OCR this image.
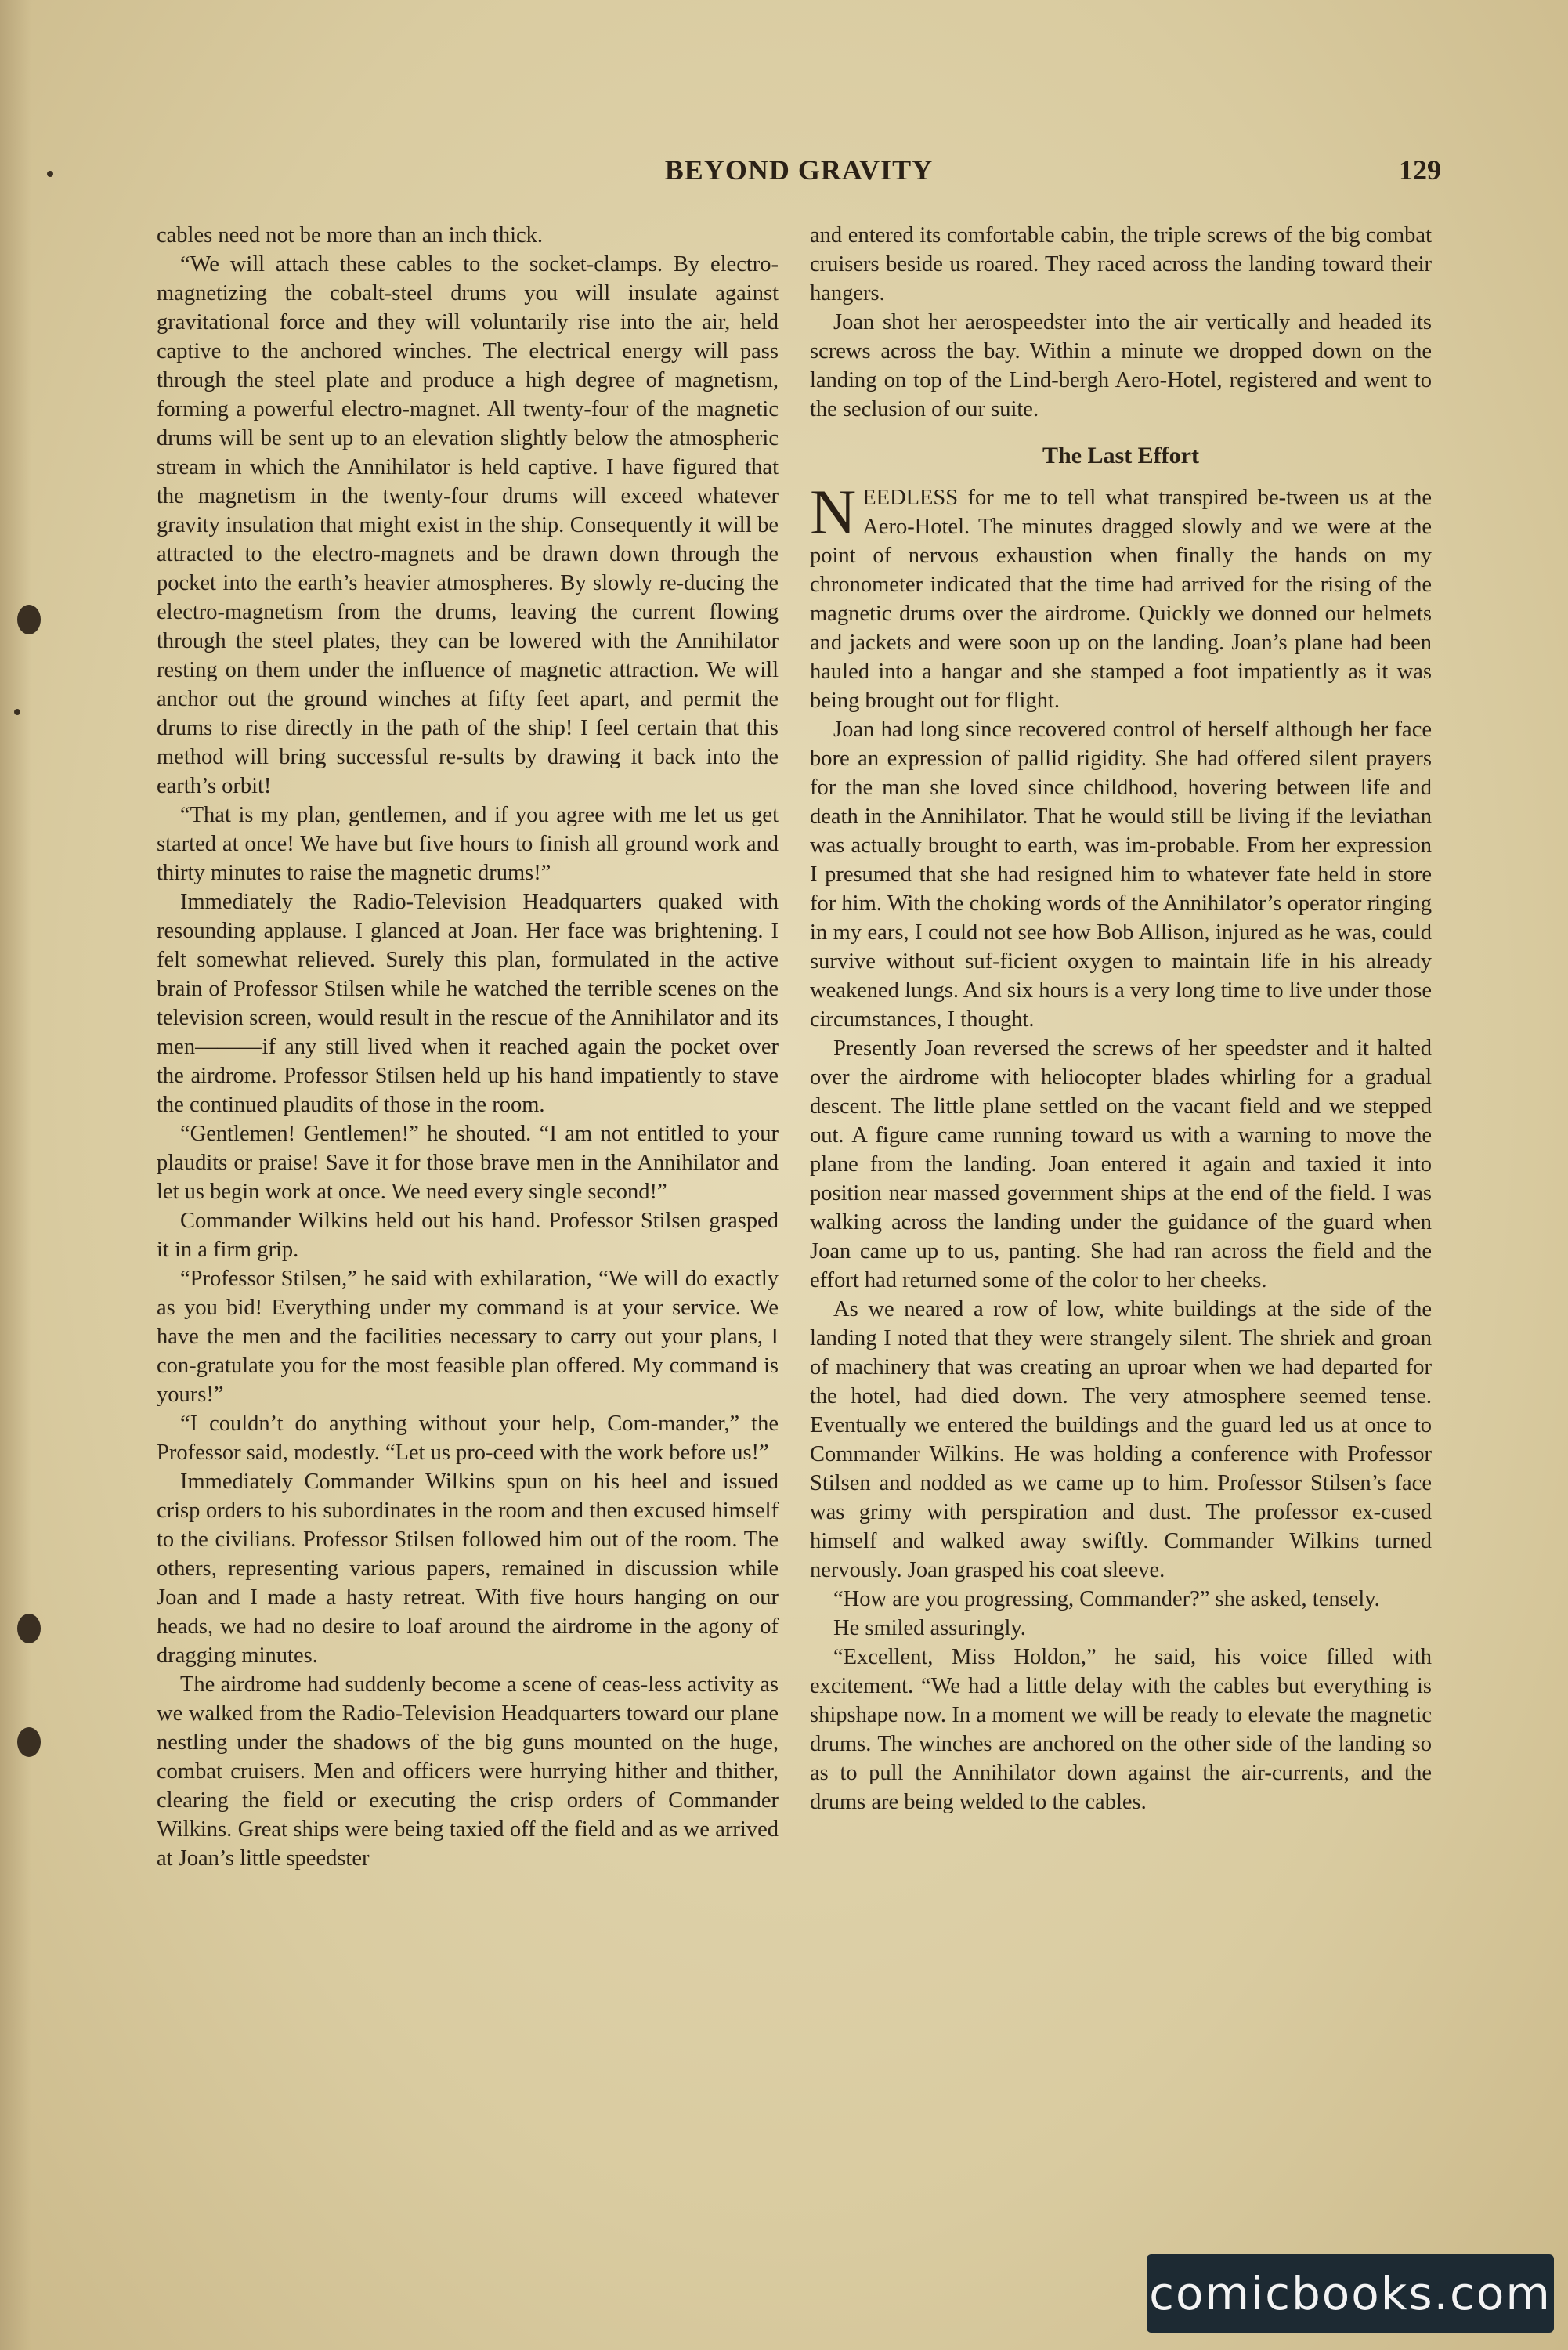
BEYOND GRAVITY	129

cables need not be more than an inch thick.

“We will attach these cables to the socket-clamps. By electro-magnetizing the cobalt-steel drums you will insulate against gravitational force and they will voluntarily rise into the air, held captive to the anchored winches. The electrical energy will pass through the steel plate and produce a high degree of magnetism, forming a powerful electro-magnet. All twenty-four of the magnetic drums will be sent up to an elevation slightly below the atmospheric stream in which the Annihilator is held captive. I have figured that the magnetism in the twenty-four drums will exceed whatever gravity insulation that might exist in the ship. Consequently it will be attracted to the electro-magnets and be drawn down through the pocket into the earth’s heavier atmospheres. By slowly re-ducing the electro-magnetism from the drums, leaving the current flowing through the steel plates, they can be lowered with the Annihilator resting on them under the influence of magnetic attraction. We will anchor out the ground winches at fifty feet apart, and permit the drums to rise directly in the path of the ship! I feel certain that this method will bring successful re-sults by drawing it back into the earth’s orbit!

“That is my plan, gentlemen, and if you agree with me let us get started at once! We have but five hours to finish all ground work and thirty minutes to raise the magnetic drums!”

Immediately the Radio-Television Headquarters quaked with resounding applause. I glanced at Joan. Her face was brightening. I felt somewhat relieved. Surely this plan, formulated in the active brain of Professor Stilsen while he watched the terrible scenes on the television screen, would result in the rescue of the Annihilator and its men———if any still lived when it reached again the pocket over the airdrome. Professor Stilsen held up his hand impatiently to stave the continued plaudits of those in the room.

“Gentlemen! Gentlemen!” he shouted. “I am not entitled to your plaudits or praise! Save it for those brave men in the Annihilator and let us begin work at once. We need every single second!”

Commander Wilkins held out his hand. Professor Stilsen grasped it in a firm grip.

“Professor Stilsen,” he said with exhilaration, “We will do exactly as you bid! Everything under my command is at your service. We have the men and the facilities necessary to carry out your plans, I con-gratulate you for the most feasible plan offered. My command is yours!”

“I couldn’t do anything without your help, Com-mander,” the Professor said, modestly. “Let us pro-ceed with the work before us!”

Immediately Commander Wilkins spun on his heel and issued crisp orders to his subordinates in the room and then excused himself to the civilians. Professor Stilsen followed him out of the room. The others, representing various papers, remained in discussion while Joan and I made a hasty retreat. With five hours hanging on our heads, we had no desire to loaf around the airdrome in the agony of dragging minutes.

The airdrome had suddenly become a scene of ceas-less activity as we walked from the Radio-Television Headquarters toward our plane nestling under the shadows of the big guns mounted on the huge, combat cruisers. Men and officers were hurrying hither and thither, clearing the field or executing the crisp orders of Commander Wilkins. Great ships were being taxied off the field and as we arrived at Joan’s little speedster

and entered its comfortable cabin, the triple screws of the big combat cruisers beside us roared. They raced across the landing toward their hangers.

Joan shot her aerospeedster into the air vertically and headed its screws across the bay. Within a minute we dropped down on the landing on top of the Lind-bergh Aero-Hotel, registered and went to the seclusion of our suite.

The Last Effort

NEEDLESS for me to tell what transpired be-tween us at the Aero-Hotel. The minutes dragged slowly and we were at the point of nervous exhaustion when finally the hands on my chronometer indicated that the time had arrived for the rising of the magnetic drums over the airdrome. Quickly we donned our helmets and jackets and were soon up on the landing. Joan’s plane had been hauled into a hangar and she stamped a foot impatiently as it was being brought out for flight.

Joan had long since recovered control of herself although her face bore an expression of pallid rigidity. She had offered silent prayers for the man she loved since childhood, hovering between life and death in the Annihilator. That he would still be living if the leviathan was actually brought to earth, was im-probable. From her expression I presumed that she had resigned him to whatever fate held in store for him. With the choking words of the Annihilator’s operator ringing in my ears, I could not see how Bob Allison, injured as he was, could survive without suf-ficient oxygen to maintain life in his already weakened lungs. And six hours is a very long time to live under those circumstances, I thought.

Presently Joan reversed the screws of her speedster and it halted over the airdrome with heliocopter blades whirling for a gradual descent. The little plane settled on the vacant field and we stepped out. A figure came running toward us with a warning to move the plane from the landing. Joan entered it again and taxied it into position near massed government ships at the end of the field. I was walking across the landing under the guidance of the guard when Joan came up to us, panting. She had ran across the field and the effort had returned some of the color to her cheeks.

As we neared a row of low, white buildings at the side of the landing I noted that they were strangely silent. The shriek and groan of machinery that was creating an uproar when we had departed for the hotel, had died down. The very atmosphere seemed tense. Eventually we entered the buildings and the guard led us at once to Commander Wilkins. He was holding a conference with Professor Stilsen and nodded as we came up to him. Professor Stilsen’s face was grimy with perspiration and dust. The professor ex-cused himself and walked away swiftly. Commander Wilkins turned nervously. Joan grasped his coat sleeve.

“How are you progressing, Commander?” she asked, tensely.

He smiled assuringly.

“Excellent, Miss Holdon,” he said, his voice filled with excitement. “We had a little delay with the cables but everything is shipshape now. In a moment we will be ready to elevate the magnetic drums. The winches are anchored on the other side of the landing so as to pull the Annihilator down against the air-currents, and the drums are being welded to the cables.

comicbooks.com
